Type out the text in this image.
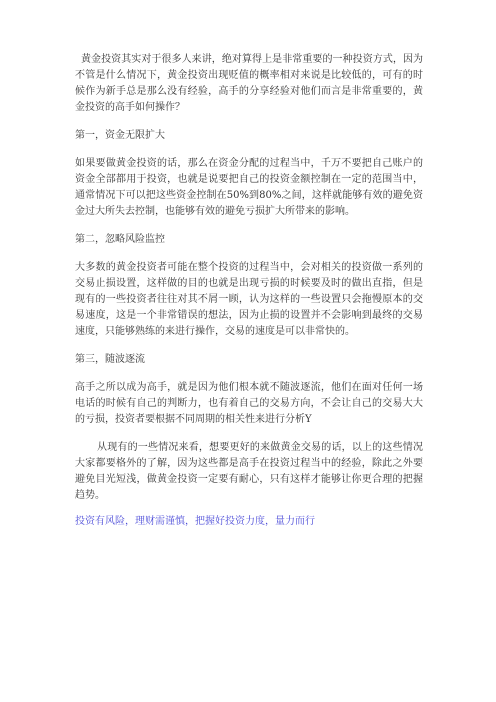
黄金投资其实对于很多人来讲，绝对算得上是非常重要的一种投资方式，因为不管是什么情况下，黄金投资出现贬值的概率相对来说是比较低的，可有的时候作为新手总是那么没有经验，高手的分享经验对他们而言是非常重要的，黄金投资的高手如何操作？

第一，资金无限扩大

如果要做黄金投资的话，那么在资金分配的过程当中，千万不要把自己账户的资金全部都用于投资，也就是说要把自己的投资金额控制在一定的范围当中，通常情况下可以把这些资金控制在50%到80%之间，这样就能够有效的避免资金过大所失去控制，也能够有效的避免亏损扩大所带来的影响。

第二，忽略风险监控

大多数的黄金投资者可能在整个投资的过程当中，会对相关的投资做一系列的交易止损设置，这样做的目的也就是出现亏损的时候要及时的做出直指，但是现有的一些投资者往往对其不屑一顾，认为这样的一些设置只会拖慢原本的交易速度，这是一个非常错误的想法，因为止损的设置并不会影响到最终的交易速度，只能够熟练的来进行操作，交易的速度是可以非常快的。

第三，随波逐流

高手之所以成为高手，就是因为他们根本就不随波逐流，他们在面对任何一场电话的时候有自己的判断力，也有着自己的交易方向，不会让自己的交易大大的亏损，投资者要根据不同周期的相关性来进行分析Y

从现有的一些情况来看，想要更好的来做黄金交易的话，以上的这些情况大家都要格外的了解，因为这些都是高手在投资过程当中的经验，除此之外要避免目光短浅，做黄金投资一定要有耐心，只有这样才能够让你更合理的把握趋势。

投资有风险，理财需谨慎，把握好投资力度，量力而行
